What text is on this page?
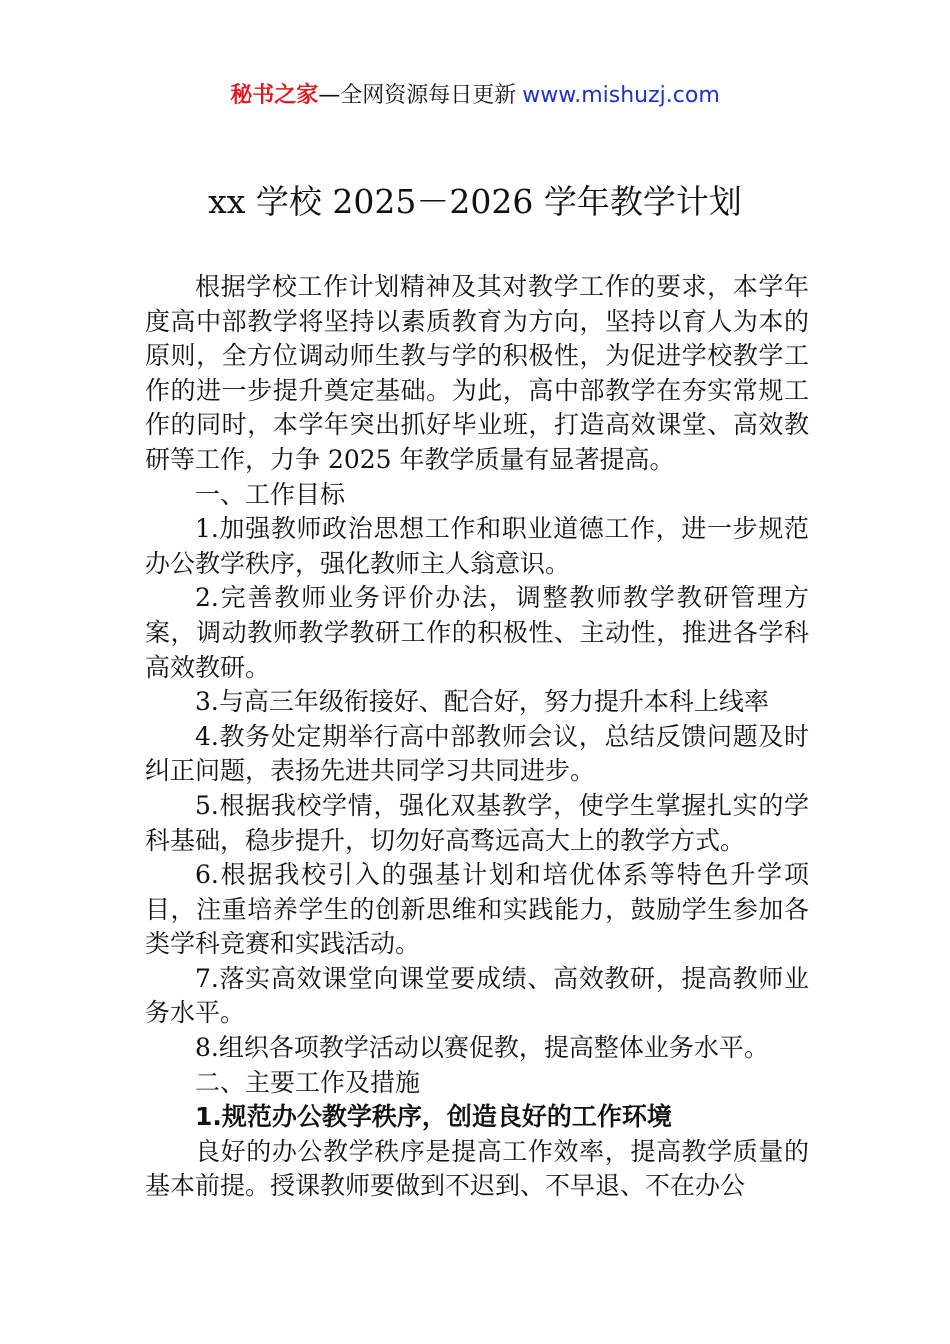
秘书之家—全网资源每日更新 www.mishuzj.com
xx 学校 2025－2026 学年教学计划

根据学校工作计划精神及其对教学工作的要求，本学年度高中部教学将坚持以素质教育为方向，坚持以育人为本的原则，全方位调动师生教与学的积极性，为促进学校教学工作的进一步提升奠定基础。为此，高中部教学在夯实常规工作的同时，本学年突出抓好毕业班，打造高效课堂、高效教研等工作，力争 2025 年教学质量有显著提高。

一、工作目标

1.加强教师政治思想工作和职业道德工作，进一步规范办公教学秩序，强化教师主人翁意识。

2.完善教师业务评价办法，调整教师教学教研管理方案，调动教师教学教研工作的积极性、主动性，推进各学科高效教研。

3.与高三年级衔接好、配合好，努力提升本科上线率

4.教务处定期举行高中部教师会议，总结反馈问题及时纠正问题，表扬先进共同学习共同进步。

5.根据我校学情，强化双基教学，使学生掌握扎实的学科基础，稳步提升，切勿好高骛远高大上的教学方式。

6.根据我校引入的强基计划和培优体系等特色升学项目，注重培养学生的创新思维和实践能力，鼓励学生参加各类学科竞赛和实践活动。

7.落实高效课堂向课堂要成绩、高效教研，提高教师业务水平。

8.组织各项教学活动以赛促教，提高整体业务水平。

二、主要工作及措施

1.规范办公教学秩序，创造良好的工作环境

良好的办公教学秩序是提高工作效率，提高教学质量的基本前提。授课教师要做到不迟到、不早退、不在办公
